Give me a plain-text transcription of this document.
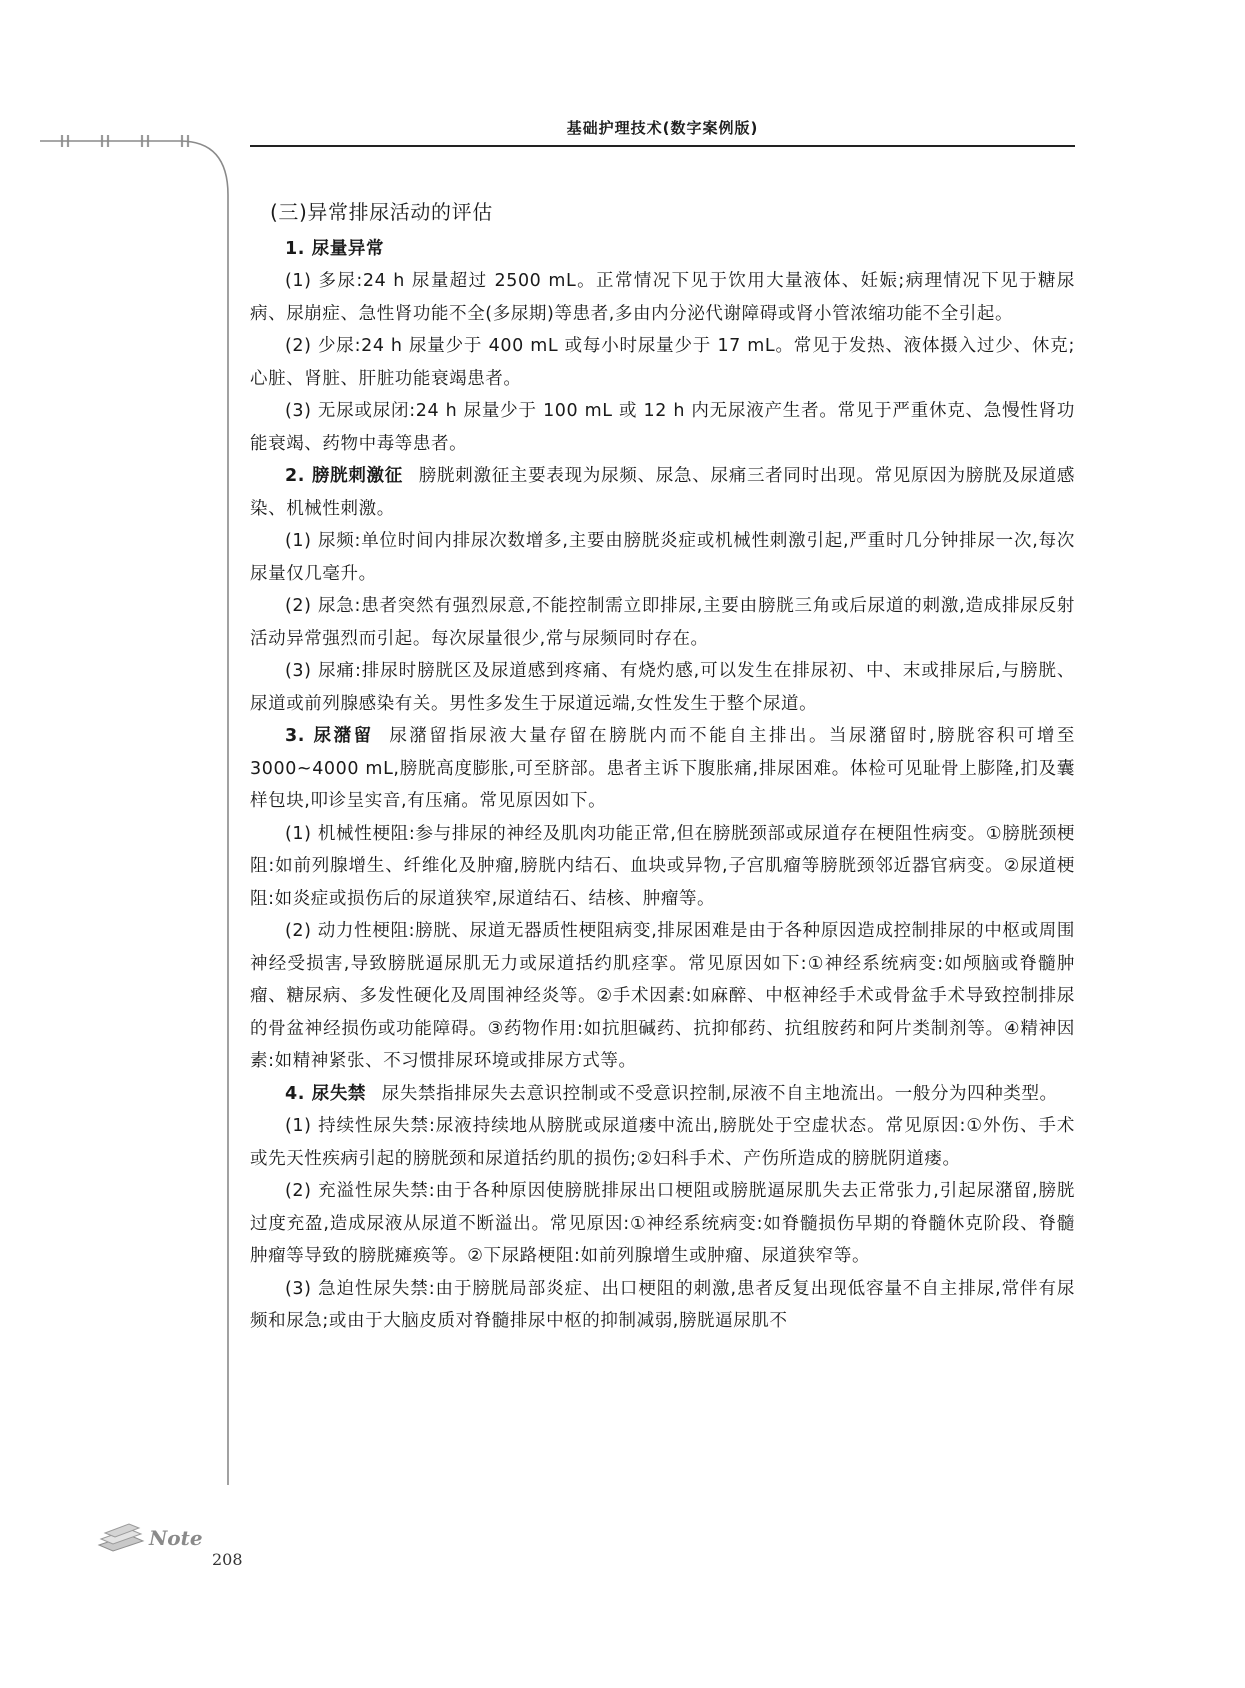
基础护理技术(数字案例版)

(三)异常排尿活动的评估

1. 尿量异常

(1) 多尿:24 h 尿量超过 2500 mL。正常情况下见于饮用大量液体、妊娠;病理情况下见于糖尿病、尿崩症、急性肾功能不全(多尿期)等患者,多由内分泌代谢障碍或肾小管浓缩功能不全引起。

(2) 少尿:24 h 尿量少于 400 mL 或每小时尿量少于 17 mL。常见于发热、液体摄入过少、休克;心脏、肾脏、肝脏功能衰竭患者。

(3) 无尿或尿闭:24 h 尿量少于 100 mL 或 12 h 内无尿液产生者。常见于严重休克、急慢性肾功能衰竭、药物中毒等患者。

2. 膀胱刺激征 膀胱刺激征主要表现为尿频、尿急、尿痛三者同时出现。常见原因为膀胱及尿道感染、机械性刺激。

(1) 尿频:单位时间内排尿次数增多,主要由膀胱炎症或机械性刺激引起,严重时几分钟排尿一次,每次尿量仅几毫升。

(2) 尿急:患者突然有强烈尿意,不能控制需立即排尿,主要由膀胱三角或后尿道的刺激,造成排尿反射活动异常强烈而引起。每次尿量很少,常与尿频同时存在。

(3) 尿痛:排尿时膀胱区及尿道感到疼痛、有烧灼感,可以发生在排尿初、中、末或排尿后,与膀胱、尿道或前列腺感染有关。男性多发生于尿道远端,女性发生于整个尿道。

3. 尿潴留 尿潴留指尿液大量存留在膀胱内而不能自主排出。当尿潴留时,膀胱容积可增至 3000~4000 mL,膀胱高度膨胀,可至脐部。患者主诉下腹胀痛,排尿困难。体检可见耻骨上膨隆,扪及囊样包块,叩诊呈实音,有压痛。常见原因如下。

(1) 机械性梗阻:参与排尿的神经及肌肉功能正常,但在膀胱颈部或尿道存在梗阻性病变。①膀胱颈梗阻:如前列腺增生、纤维化及肿瘤,膀胱内结石、血块或异物,子宫肌瘤等膀胱颈邻近器官病变。②尿道梗阻:如炎症或损伤后的尿道狭窄,尿道结石、结核、肿瘤等。

(2) 动力性梗阻:膀胱、尿道无器质性梗阻病变,排尿困难是由于各种原因造成控制排尿的中枢或周围神经受损害,导致膀胱逼尿肌无力或尿道括约肌痉挛。常见原因如下:①神经系统病变:如颅脑或脊髓肿瘤、糖尿病、多发性硬化及周围神经炎等。②手术因素:如麻醉、中枢神经手术或骨盆手术导致控制排尿的骨盆神经损伤或功能障碍。③药物作用:如抗胆碱药、抗抑郁药、抗组胺药和阿片类制剂等。④精神因素:如精神紧张、不习惯排尿环境或排尿方式等。

4. 尿失禁 尿失禁指排尿失去意识控制或不受意识控制,尿液不自主地流出。一般分为四种类型。

(1) 持续性尿失禁:尿液持续地从膀胱或尿道瘘中流出,膀胱处于空虚状态。常见原因:①外伤、手术或先天性疾病引起的膀胱颈和尿道括约肌的损伤;②妇科手术、产伤所造成的膀胱阴道瘘。

(2) 充溢性尿失禁:由于各种原因使膀胱排尿出口梗阻或膀胱逼尿肌失去正常张力,引起尿潴留,膀胱过度充盈,造成尿液从尿道不断溢出。常见原因:①神经系统病变:如脊髓损伤早期的脊髓休克阶段、脊髓肿瘤等导致的膀胱瘫痪等。②下尿路梗阻:如前列腺增生或肿瘤、尿道狭窄等。

(3) 急迫性尿失禁:由于膀胱局部炎症、出口梗阻的刺激,患者反复出现低容量不自主排尿,常伴有尿频和尿急;或由于大脑皮质对脊髓排尿中枢的抑制减弱,膀胱逼尿肌不

Note
208
